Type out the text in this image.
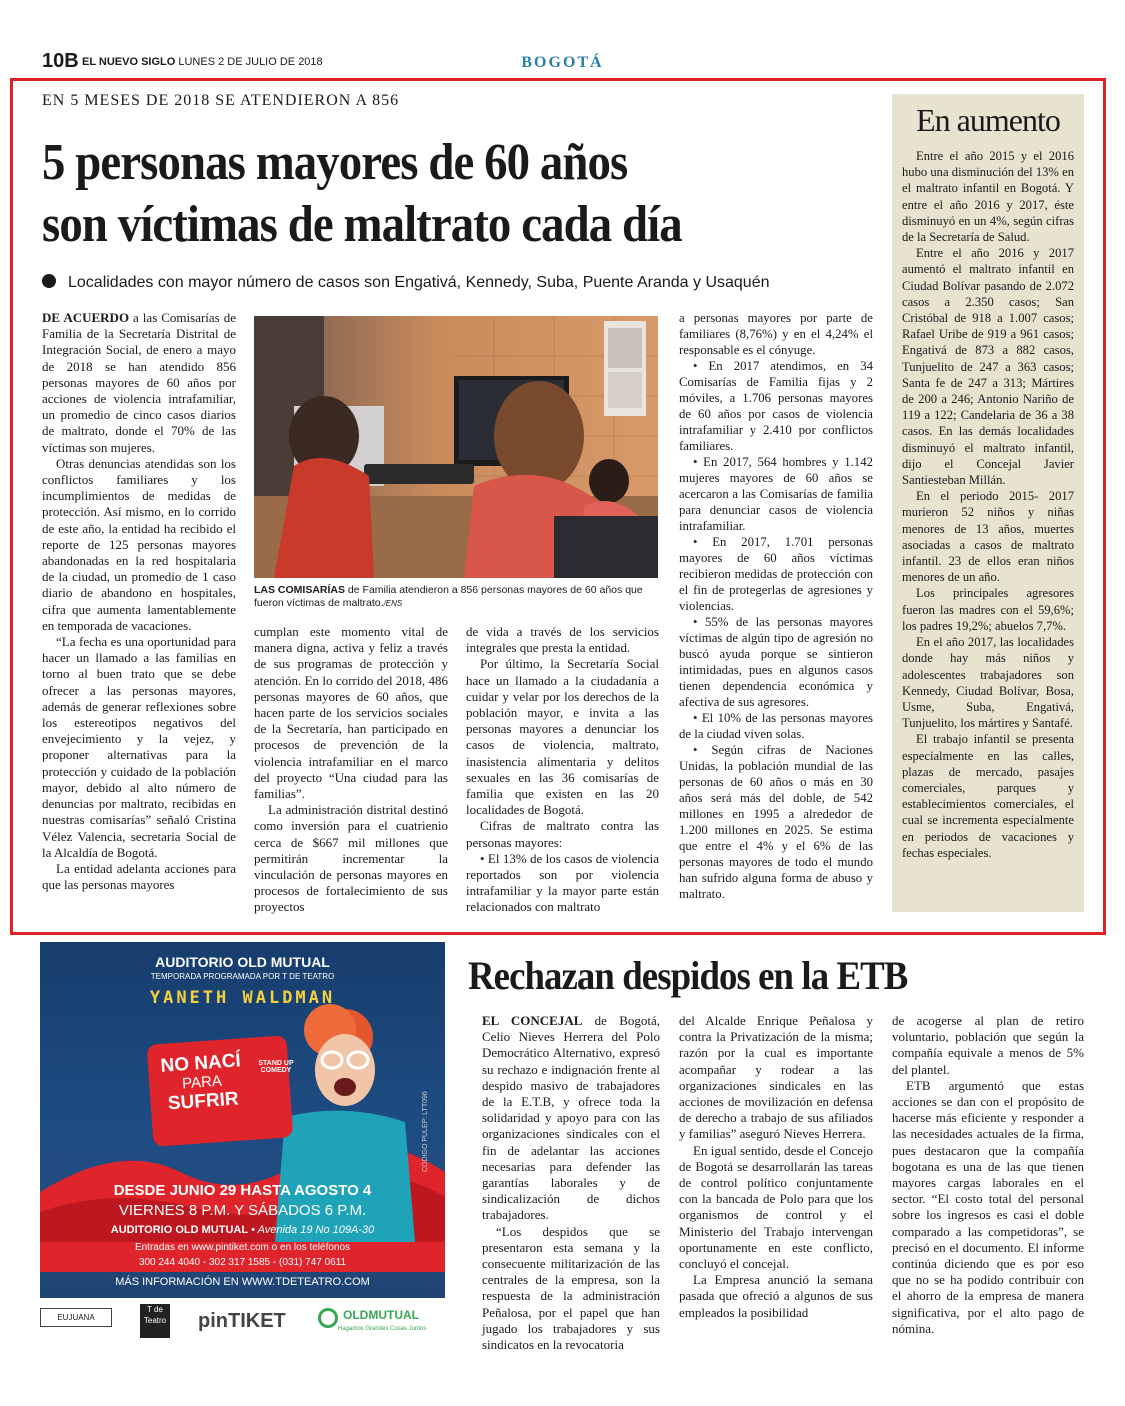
10B EL NUEVO SIGLO LUNES 2 DE JULIO DE 2018	BOGOTÁ
EN 5 MESES DE 2018 SE ATENDIERON A 856
5 personas mayores de 60 años
son víctimas de maltrato cada día
Localidades con mayor número de casos son Engativá, Kennedy, Suba, Puente Aranda y Usaquén

DE ACUERDO a las Comisarías de Familia de la Secretaría Distrital de Integración Social, de enero a mayo de 2018 se han atendido 856 personas mayores de 60 años por acciones de violencia intrafamiliar, un promedio de cinco casos diarios de maltrato, donde el 70% de las víctimas son mujeres.

Otras denuncias atendidas son los conflictos familiares y los incumplimientos de medidas de protección. Así mismo, en lo corrido de este año, la entidad ha recibido el reporte de 125 personas mayores abandonadas en la red hospitalaria de la ciudad, un promedio de 1 caso diario de abandono en hospitales, cifra que aumenta lamentablemente en temporada de vacaciones.

“La fecha es una oportunidad para hacer un llamado a las familias en torno al buen trato que se debe ofrecer a las personas mayores, además de generar reflexiones sobre los estereotipos negativos del envejecimiento y la vejez, y proponer alternativas para la protección y cuidado de la población mayor, debido al alto número de denuncias por maltrato, recibidas en nuestras comisarías” señaló Cristina Vélez Valencia, secretaria Social de la Alcaldía de Bogotá.

La entidad adelanta acciones para que las personas mayores

LAS COMISARÍAS de Familia atendieron a 856 personas mayores de 60 años que fueron víctimas de maltrato./ENS

cumplan este momento vital de manera digna, activa y feliz a través de sus programas de protección y atención. En lo corrido del 2018, 486 personas mayores de 60 años, que hacen parte de los servicios sociales de la Secretaría, han participado en procesos de prevención de la violencia intrafamiliar en el marco del proyecto “Una ciudad para las familias”.

La administración distrital destinó como inversión para el cuatrienio cerca de $667 mil millones que permitirán incrementar la vinculación de personas mayores en procesos de fortalecimiento de sus proyectos

de vida a través de los servicios integrales que presta la entidad.

Por último, la Secretaría Social hace un llamado a la ciudadanía a cuidar y velar por los derechos de la población mayor, e invita a las personas mayores a denunciar los casos de violencia, maltrato, inasistencia alimentaria y delitos sexuales en las 36 comisarías de familia que existen en las 20 localidades de Bogotá.

Cifras de maltrato contra las personas mayores:

• El 13% de los casos de violencia reportados son por violencia intrafamiliar y la mayor parte están relacionados con maltrato

a personas mayores por parte de familiares (8,76%) y en el 4,24% el responsable es el cónyuge.

• En 2017 atendimos, en 34 Comisarías de Familia fijas y 2 móviles, a 1.706 personas mayores de 60 años por casos de violencia intrafamiliar y 2.410 por conflictos familiares.

• En 2017, 564 hombres y 1.142 mujeres mayores de 60 años se acercaron a las Comisarías de familia para denunciar casos de violencia intrafamiliar.

• En 2017, 1.701 personas mayores de 60 años víctimas recibieron medidas de protección con el fin de protegerlas de agresiones y violencias.

• 55% de las personas mayores víctimas de algún tipo de agresión no buscó ayuda porque se sintieron intimidadas, pues en algunos casos tienen dependencia económica y afectiva de sus agresores.

• El 10% de las personas mayores de la ciudad viven solas.

• Según cifras de Naciones Unidas, la población mundial de las personas de 60 años o más en 30 años será más del doble, de 542 millones en 1995 a alrededor de 1.200 millones en 2025. Se estima que entre el 4% y el 6% de las personas mayores de todo el mundo han sufrido alguna forma de abuso y maltrato.

En aumento

Entre el año 2015 y el 2016 hubo una disminución del 13% en el maltrato infantil en Bogotá. Y entre el año 2016 y 2017, éste disminuyó en un 4%, según cifras de la Secretaría de Salud.

Entre el año 2016 y 2017 aumentó el maltrato infantil en Ciudad Bolívar pasando de 2.072 casos a 2.350 casos; San Cristóbal de 918 a 1.007 casos; Rafael Uribe de 919 a 961 casos; Engativá de 873 a 882 casos, Tunjuelito de 247 a 363 casos; Santa fe de 247 a 313; Mártires de 200 a 246; Antonio Nariño de 119 a 122; Candelaria de 36 a 38 casos. En las demás localidades disminuyó el maltrato infantil, dijo el Concejal Javier Santiesteban Millán.

En el periodo 2015- 2017 murieron 52 niños y niñas menores de 13 años, muertes asociadas a casos de maltrato infantil. 23 de ellos eran niños menores de un año.

Los principales agresores fueron las madres con el 59,6%; los padres 19,2%; abuelos 7,7%.

En el año 2017, las localidades donde hay más niños y adolescentes trabajadores son Kennedy, Ciudad Bolívar, Bosa, Usme, Suba, Engativá, Tunjuelito, los mártires y Santafé.

El trabajo infantil se presenta especialmente en las calles, plazas de mercado, pasajes comerciales, parques y establecimientos comerciales, el cual se incrementa especialmente en periodos de vacaciones y fechas especiales.

AUDITORIO OLD MUTUAL
TEMPORADA PROGRAMADA POR T DE TEATRO
YANETH WALDMAN
NO NACÍ
PARA
SUFRIR
STAND UP COMEDY
CÓDIGO PULEP: LTT096
DESDE JUNIO 29 HASTA AGOSTO 4
VIERNES 8 P.M. Y SÁBADOS 6 P.M.
AUDITORIO OLD MUTUAL • Avenida 19 No 109A-30
Entradas en www.pintiket.com o en los teléfonos
300 244 4040 - 302 317 1585 - (031) 747 0611
MÁS INFORMACIÓN EN WWW.TDETEATRO.COM
EUJUANA
T de Teatro pinTIKET	OLDMUTUAL
Hagamos Grandes Cosas Juntos
Rechazan despidos en la ETB

EL CONCEJAL de Bogotá, Celio Nieves Herrera del Polo Democrático Alternativo, expresó su rechazo e indignación frente al despido masivo de trabajadores de la E.T.B, y ofrece toda la solidaridad y apoyo para con las organizaciones sindicales con el fin de adelantar las acciones necesarias para defender las garantías laborales y de sindicalización de dichos trabajadores.

“Los despidos que se presentaron esta semana y la consecuente militarización de las centrales de la empresa, son la respuesta de la administración Peñalosa, por el papel que han jugado los trabajadores y sus sindicatos en la revocatoria

del Alcalde Enrique Peñalosa y contra la Privatización de la misma; razón por la cual es importante acompañar y rodear a las organizaciones sindicales en las acciones de movilización en defensa de derecho a trabajo de sus afiliados y familias” aseguró Nieves Herrera.

En igual sentido, desde el Concejo de Bogotá se desarrollarán las tareas de control político conjuntamente con la bancada de Polo para que los organismos de control y el Ministerio del Trabajo intervengan oportunamente en este conflicto, concluyó el concejal.

La Empresa anunció la semana pasada que ofreció a algunos de sus empleados la posibilidad

de acogerse al plan de retiro voluntario, población que según la compañía equivale a menos de 5% del plantel.

ETB argumentó que estas acciones se dan con el propósito de hacerse más eficiente y responder a las necesidades actuales de la firma, pues destacaron que la compañía bogotana es una de las que tienen mayores cargas laborales en el sector. “El costo total del personal sobre los ingresos es casi el doble comparado a las competidoras”, se precisó en el documento. El informe continúa diciendo que es por eso que no se ha podido contribuir con el ahorro de la empresa de manera significativa, por el alto pago de nómina.
